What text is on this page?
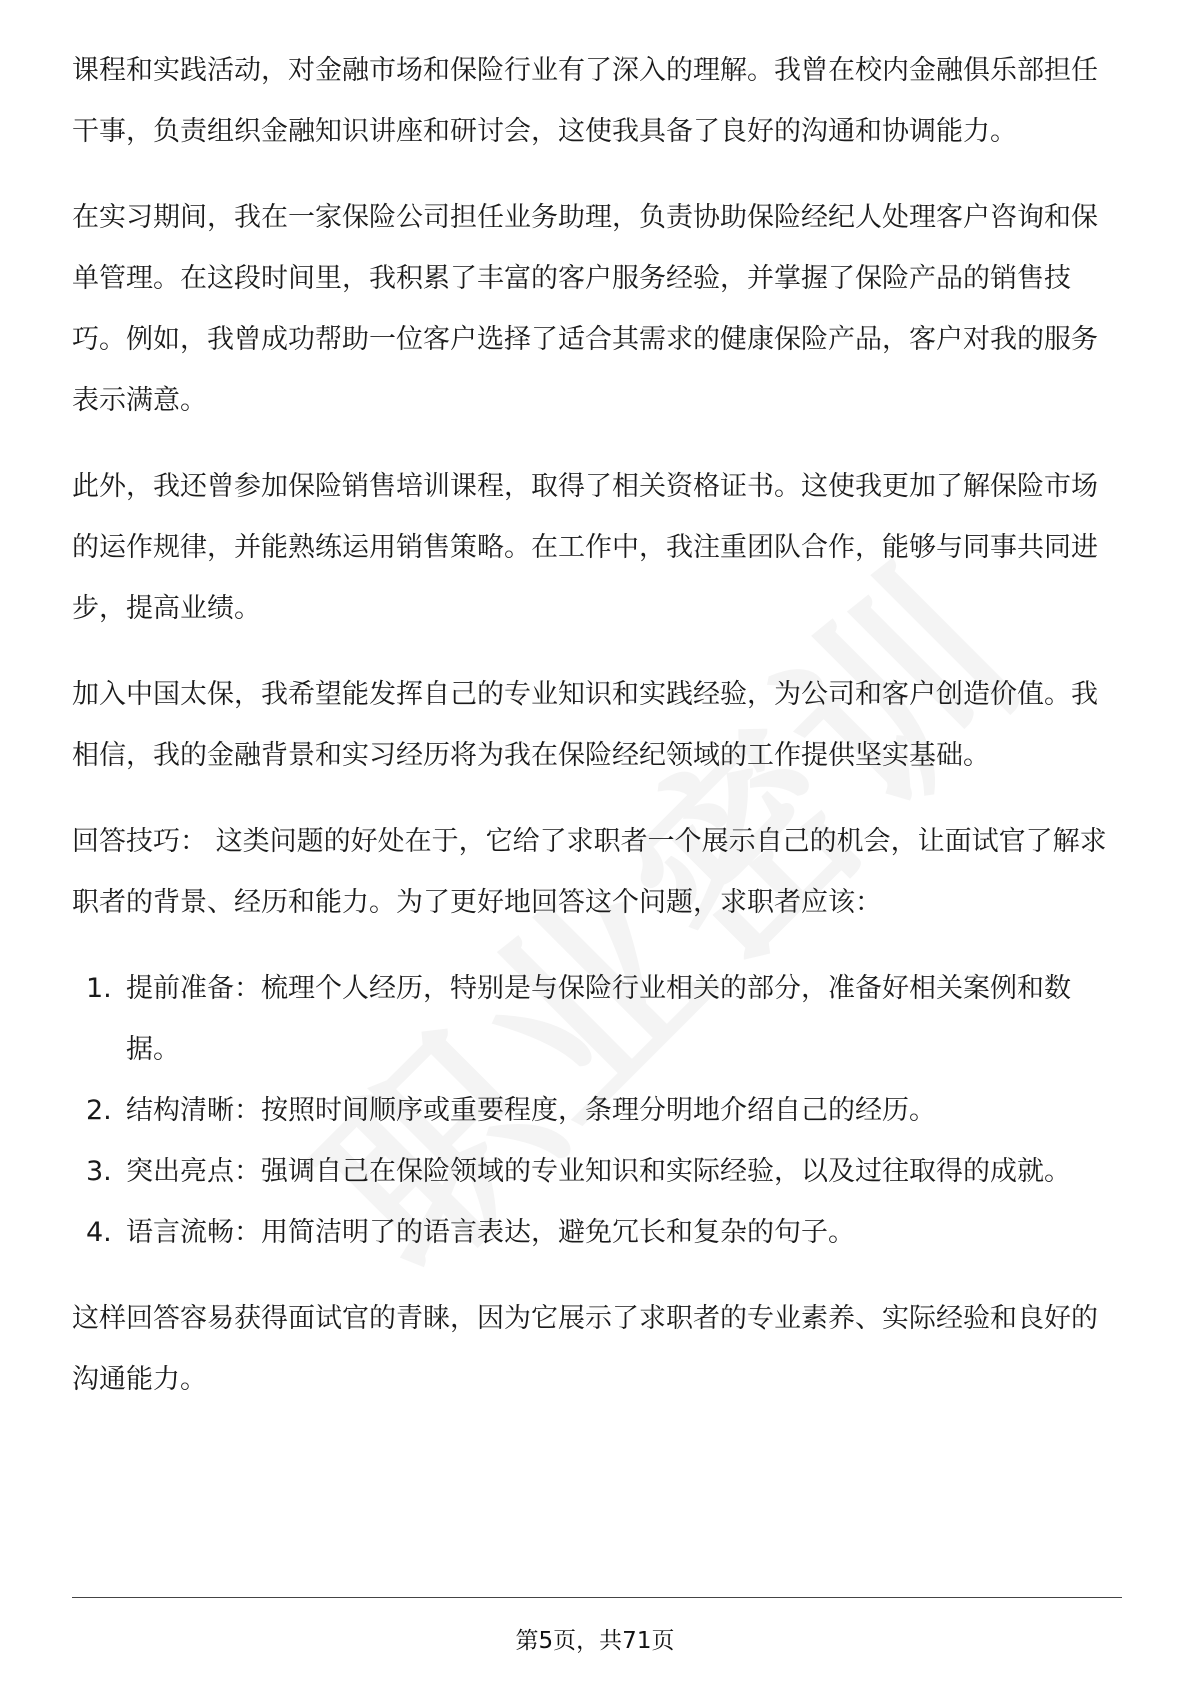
课程和实践活动，对金融市场和保险行业有了深入的理解。我曾在校内金融俱乐部担任干事，负责组织金融知识讲座和研讨会，这使我具备了良好的沟通和协调能力。

在实习期间，我在一家保险公司担任业务助理，负责协助保险经纪人处理客户咨询和保单管理。在这段时间里，我积累了丰富的客户服务经验，并掌握了保险产品的销售技巧。例如，我曾成功帮助一位客户选择了适合其需求的健康保险产品，客户对我的服务表示满意。

此外，我还曾参加保险销售培训课程，取得了相关资格证书。这使我更加了解保险市场的运作规律，并能熟练运用销售策略。在工作中，我注重团队合作，能够与同事共同进步，提高业绩。

加入中国太保，我希望能发挥自己的专业知识和实践经验，为公司和客户创造价值。我相信，我的金融背景和实习经历将为我在保险经纪领域的工作提供坚实基础。

回答技巧： 这类问题的好处在于，它给了求职者一个展示自己的机会，让面试官了解求职者的背景、经历和能力。为了更好地回答这个问题，求职者应该：

1. 提前准备：梳理个人经历，特别是与保险行业相关的部分，准备好相关案例和数据。
2. 结构清晰：按照时间顺序或重要程度，条理分明地介绍自己的经历。
3. 突出亮点：强调自己在保险领域的专业知识和实际经验，以及过往取得的成就。
4. 语言流畅：用简洁明了的语言表达，避免冗长和复杂的句子。

这样回答容易获得面试官的青睐，因为它展示了求职者的专业素养、实际经验和良好的沟通能力。

第5页，共71页
